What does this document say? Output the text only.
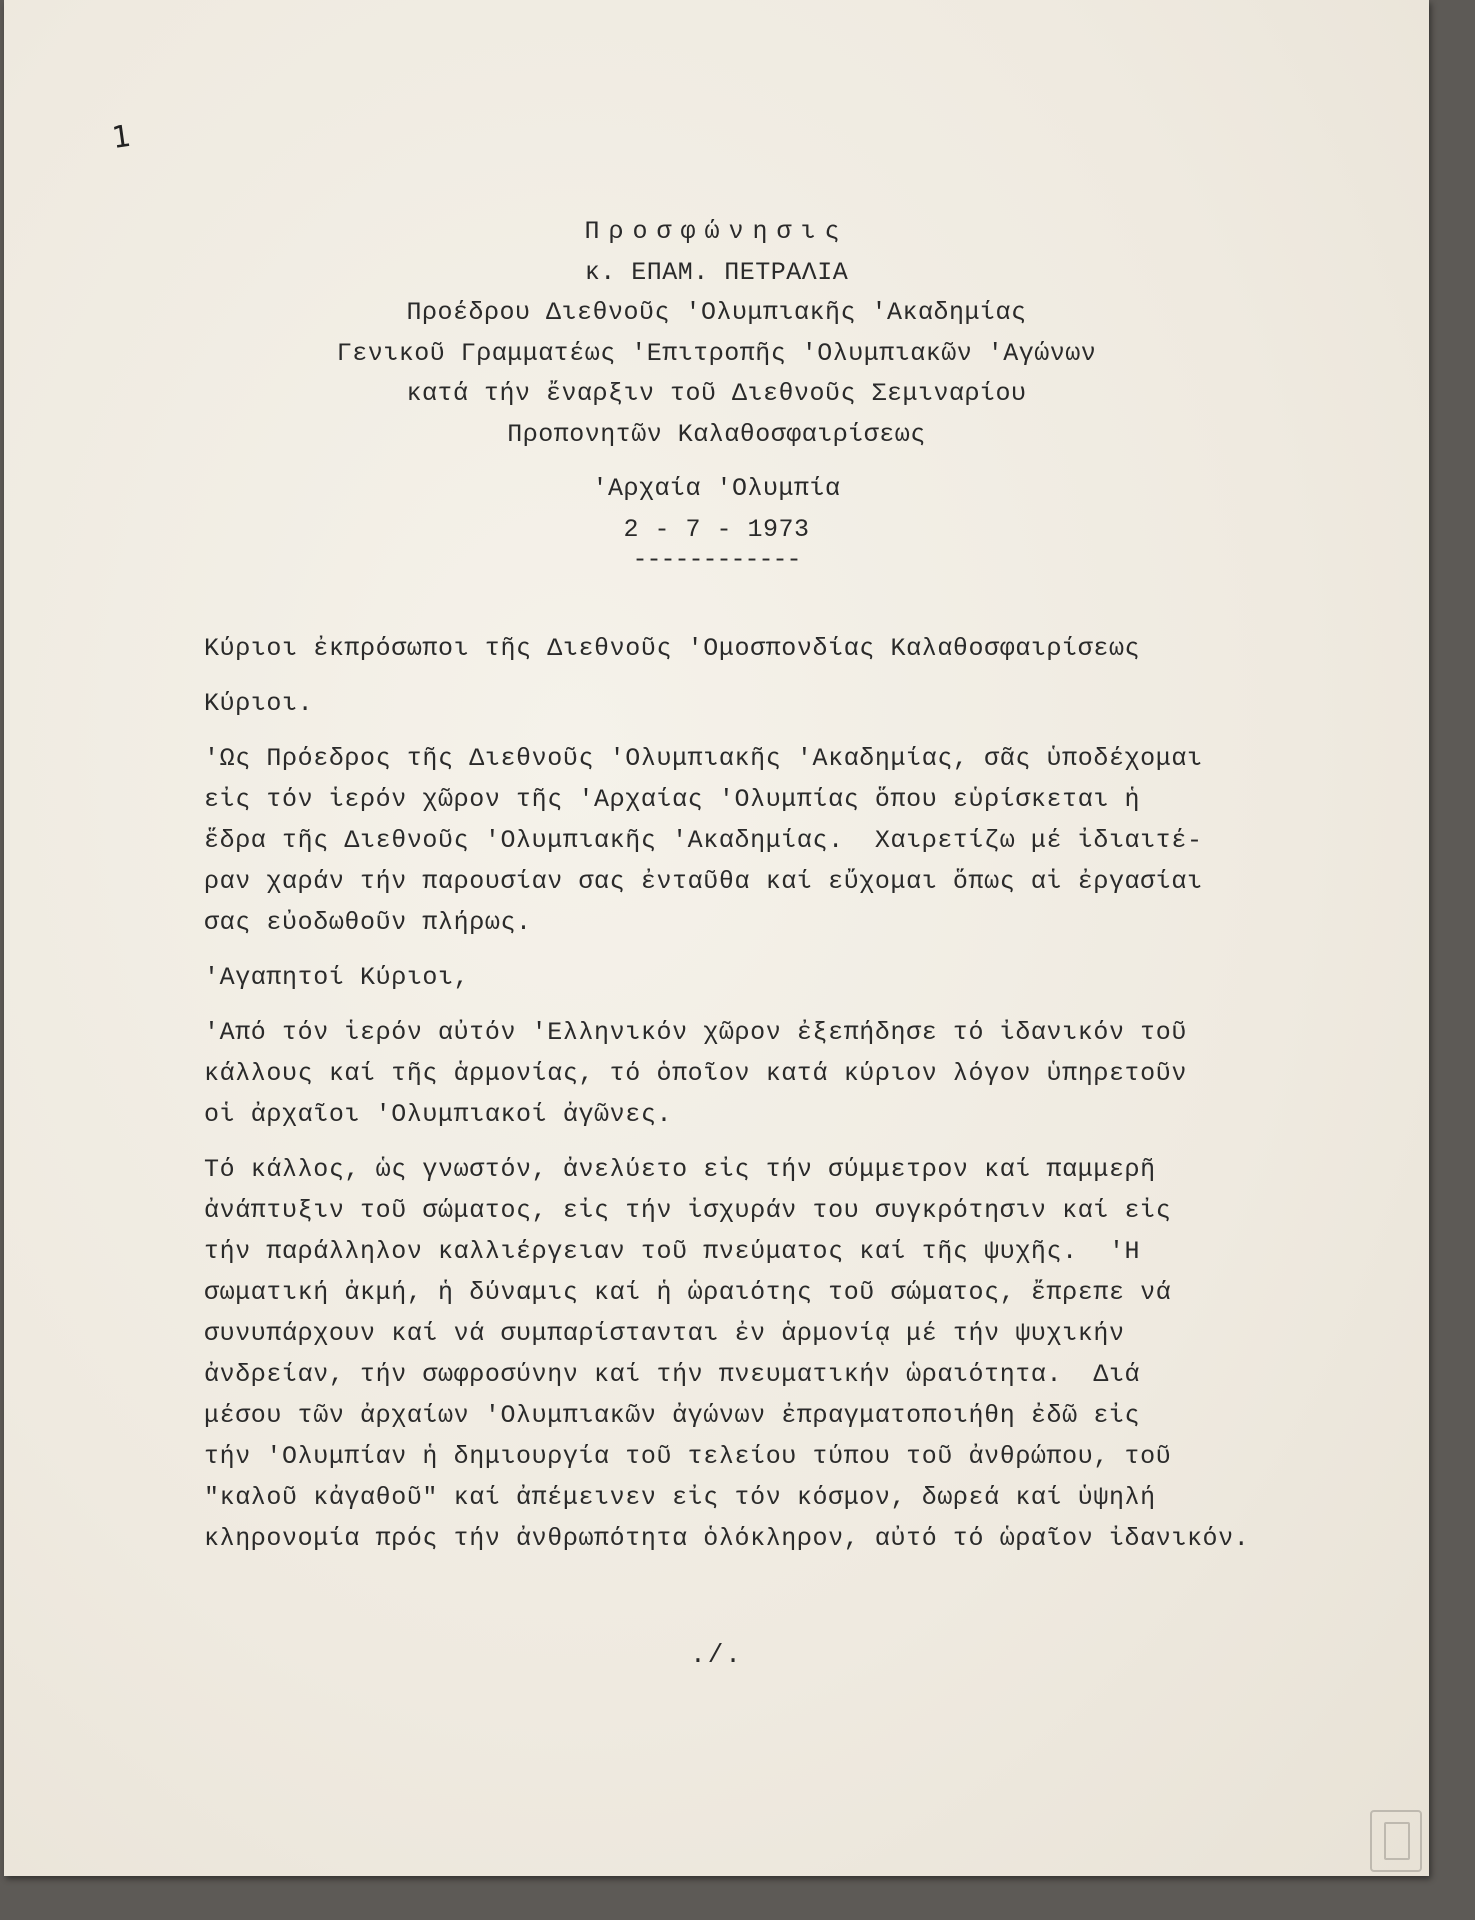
1
Προσφώνησις
κ. ΕΠΑΜ. ΠΕΤΡΑΛΙΑ
Προέδρου Διεθνοῦς 'Ολυμπιακῆς 'Ακαδημίας
Γενικοῦ Γραμματέως 'Επιτροπῆς 'Ολυμπιακῶν 'Αγώνων
κατά τήν ἔναρξιν τοῦ Διεθνοῦς Σεμιναρίου
Προπονητῶν Καλαθοσφαιρίσεως
'Αρχαία 'Ολυμπία
2 - 7 - 1973
------------

Κύριοι ἐκπρόσωποι τῆς Διεθνοῦς 'Ομοσπονδίας Καλαθοσφαιρίσεως

Κύριοι.

'Ως Πρόεδρος τῆς Διεθνοῦς 'Ολυμπιακῆς 'Ακαδημίας, σᾶς ὑποδέχομαι
εἰς τόν ἱερόν χῶρον τῆς 'Αρχαίας 'Ολυμπίας ὅπου εὑρίσκεται ἡ
ἕδρα τῆς Διεθνοῦς 'Ολυμπιακῆς 'Ακαδημίας.  Χαιρετίζω μέ ἰδιαιτέ-
ραν χαράν τήν παρουσίαν σας ἐνταῦθα καί εὔχομαι ὅπως αἱ ἐργασίαι
σας εὐοδωθοῦν πλήρως.

'Αγαπητοί Κύριοι,

'Από τόν ἱερόν αὐτόν 'Ελληνικόν χῶρον ἐξεπήδησε τό ἰδανικόν τοῦ
κάλλους καί τῆς ἁρμονίας, τό ὁποῖον κατά κύριον λόγον ὑπηρετοῦν
οἱ ἀρχαῖοι 'Ολυμπιακοί ἀγῶνες.

Τό κάλλος, ὡς γνωστόν, ἀνελύετο εἰς τήν σύμμετρον καί παμμερῆ
ἀνάπτυξιν τοῦ σώματος, εἰς τήν ἰσχυράν του συγκρότησιν καί εἰς
τήν παράλληλον καλλιέργειαν τοῦ πνεύματος καί τῆς ψυχῆς.  'Η
σωματική ἀκμή, ἡ δύναμις καί ἡ ὡραιότης τοῦ σώματος, ἔπρεπε νά
συνυπάρχουν καί νά συμπαρίστανται ἐν ἁρμονίᾳ μέ τήν ψυχικήν
ἀνδρείαν, τήν σωφροσύνην καί τήν πνευματικήν ὡραιότητα.  Διά
μέσου τῶν ἀρχαίων 'Ολυμπιακῶν ἀγώνων ἐπραγματοποιήθη ἐδῶ εἰς
τήν 'Ολυμπίαν ἡ δημιουργία τοῦ τελείου τύπου τοῦ ἀνθρώπου, τοῦ
"καλοῦ κἀγαθοῦ" καί ἀπέμεινεν εἰς τόν κόσμον, δωρεά καί ὑψηλή
κληρονομία πρός τήν ἀνθρωπότητα ὁλόκληρον, αὐτό τό ὡραῖον ἰδανικόν.

./.
